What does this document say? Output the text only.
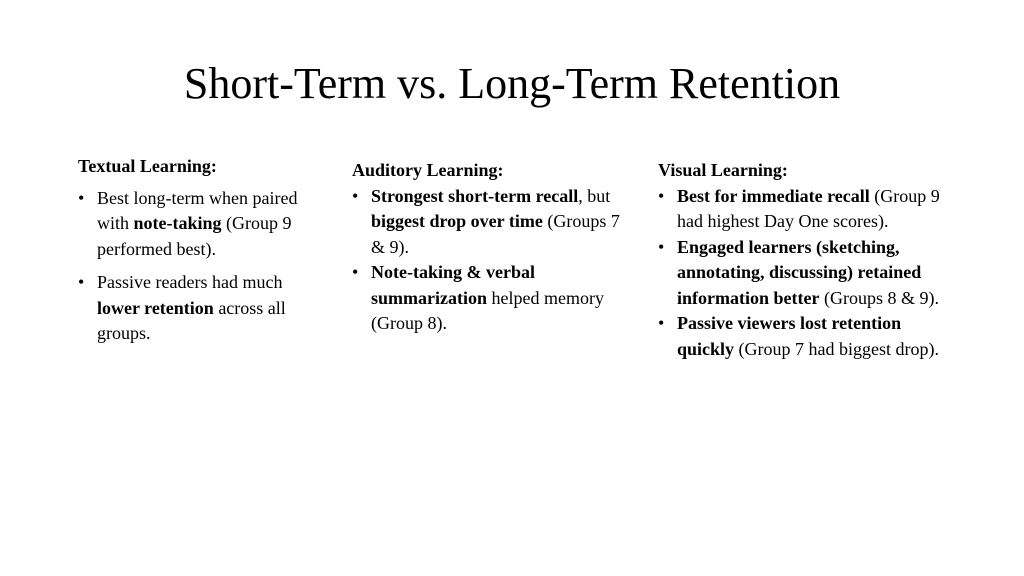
Short-Term vs. Long-Term Retention

Textual Learning:

• Best long-term when paired with note-taking (Group 9 performed best).
• Passive readers had much lower retention across all groups.

Auditory Learning:

• Strongest short-term recall, but biggest drop over time (Groups 7 & 9).
• Note-taking & verbal summarization helped memory (Group 8).

Visual Learning:

• Best for immediate recall (Group 9 had highest Day One scores).
• Engaged learners (sketching, annotating, discussing) retained information better (Groups 8 & 9).
• Passive viewers lost retention quickly (Group 7 had biggest drop).
